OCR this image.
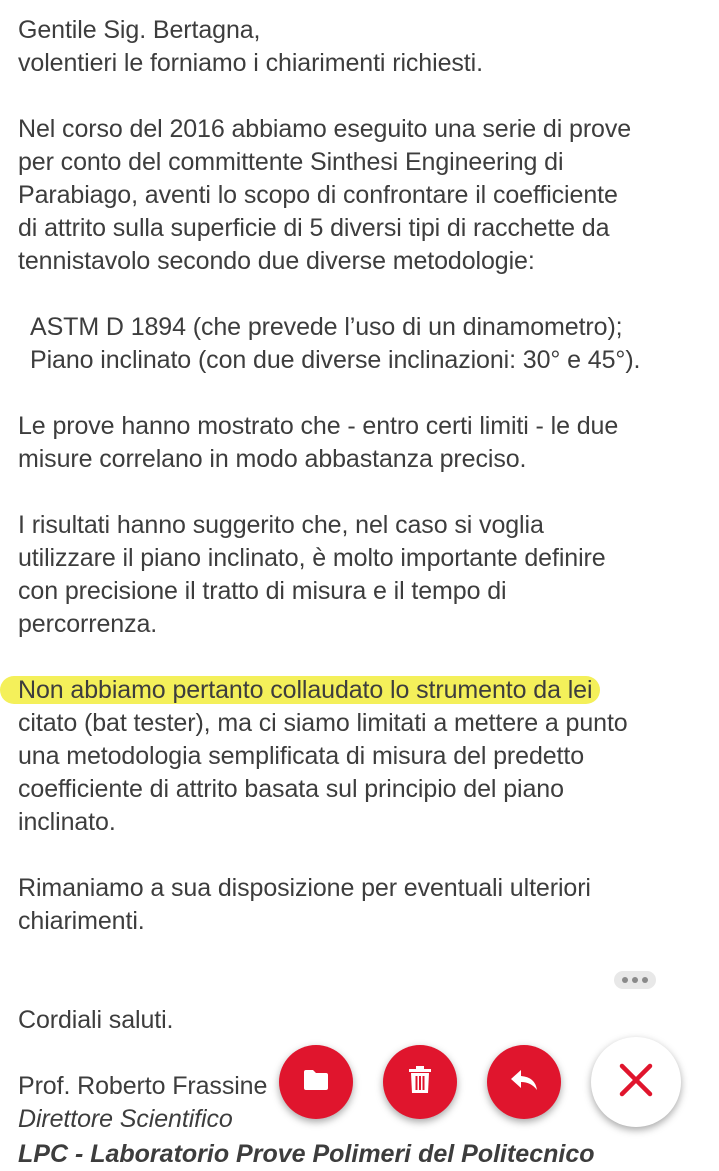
Gentile Sig. Bertagna,
volentieri le forniamo i chiarimenti richiesti.
Nel corso del 2016 abbiamo eseguito una serie di prove
per conto del committente Sinthesi Engineering di
Parabiago, aventi lo scopo di confrontare il coefficiente
di attrito sulla superficie di 5 diversi tipi di racchette da
tennistavolo secondo due diverse metodologie:
ASTM D 1894 (che prevede l’uso di un dinamometro);
Piano inclinato (con due diverse inclinazioni: 30° e 45°).
Le prove hanno mostrato che - entro certi limiti - le due
misure correlano in modo abbastanza preciso.
I risultati hanno suggerito che, nel caso si voglia
utilizzare il piano inclinato, è molto importante definire
con precisione il tratto di misura e il tempo di
percorrenza.
Non abbiamo pertanto collaudato lo strumento da lei
citato (bat tester), ma ci siamo limitati a mettere a punto
una metodologia semplificata di misura del predetto
coefficiente di attrito basata sul principio del piano
inclinato.
Rimaniamo a sua disposizione per eventuali ulteriori
chiarimenti.
Cordiali saluti.
Prof. Roberto Frassine
Direttore Scientifico
LPC - Laboratorio Prove Polimeri del Politecnico
